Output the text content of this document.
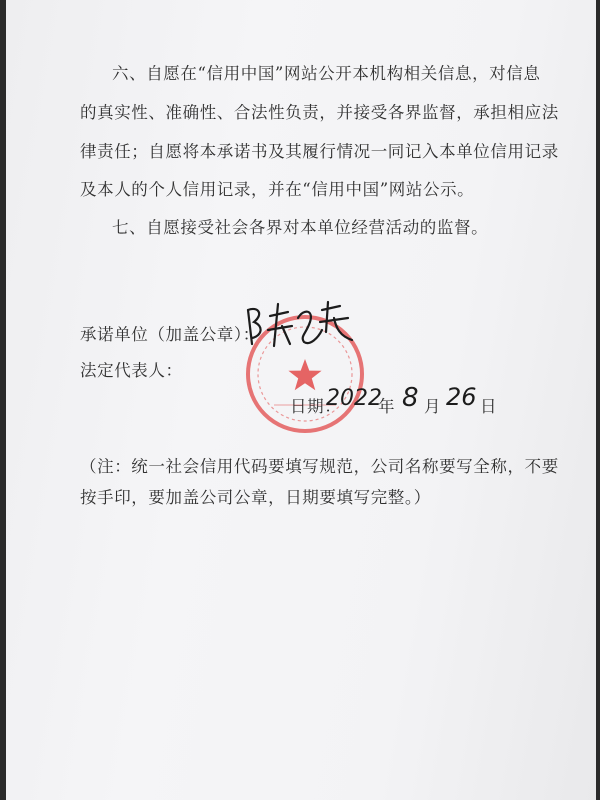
六、自愿在“信用中国”网站公开本机构相关信息，对信息
的真实性、准确性、合法性负责，并接受各界监督，承担相应法
律责任；自愿将本承诺书及其履行情况一同记入本单位信用记录
及本人的个人信用记录，并在“信用中国”网站公示。
七、自愿接受社会各界对本单位经营活动的监督。
承诺单位（加盖公章）：
法定代表人：
日期：
2022
年 8 月 26 日
（注：统一社会信用代码要填写规范，公司名称要写全称，不要
按手印，要加盖公司公章，日期要填写完整。）
